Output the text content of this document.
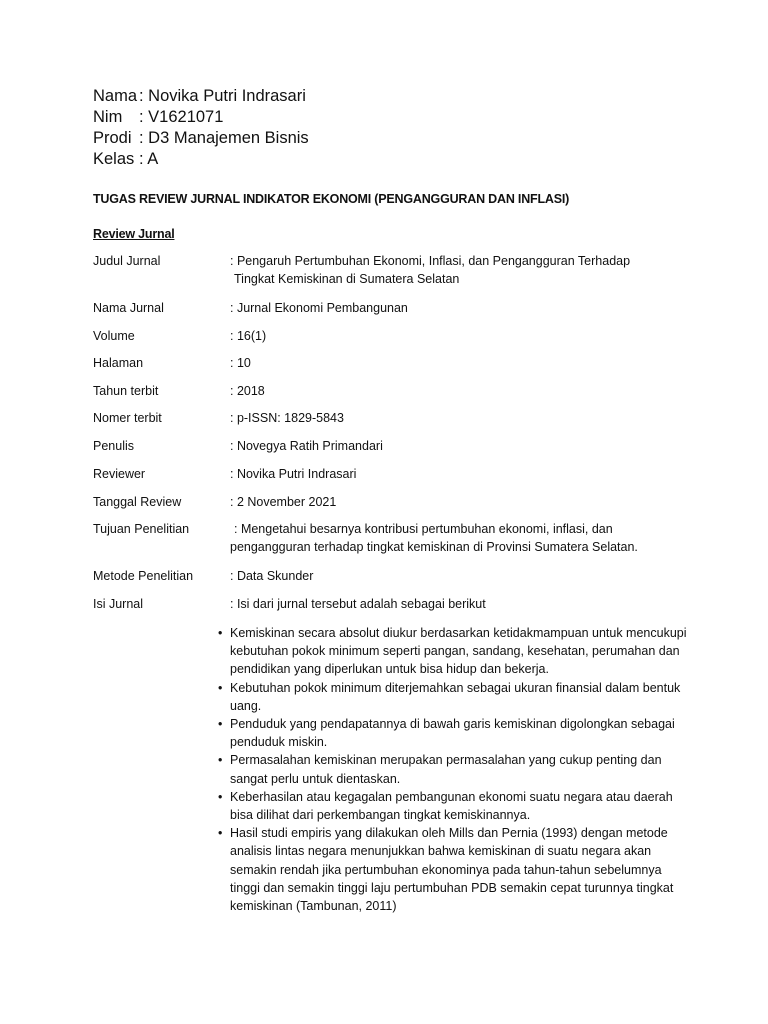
Nama : Novika Putri Indrasari
Nim	: V1621071
Prodi	: D3 Manajemen Bisnis
Kelas : A
TUGAS REVIEW JURNAL INDIKATOR EKONOMI (PENGANGGURAN DAN INFLASI)
Review Jurnal
Judul Jurnal	: Pengaruh Pertumbuhan Ekonomi, Inflasi, dan Pengangguran Terhadap
Tingkat Kemiskinan di Sumatera Selatan
Nama Jurnal	: Jurnal Ekonomi Pembangunan
Volume	: 16(1)
Halaman	: 10
Tahun terbit	: 2018
Nomer terbit	: p-ISSN: 1829-5843
Penulis	: Novegya Ratih Primandari
Reviewer	: Novika Putri Indrasari
Tanggal Review	: 2 November 2021
Tujuan Penelitian	: Mengetahui besarnya kontribusi pertumbuhan ekonomi, inflasi, dan
pengangguran terhadap tingkat kemiskinan di Provinsi Sumatera Selatan.
Metode Penelitian	: Data Skunder
Isi Jurnal	: Isi dari jurnal tersebut adalah sebagai berikut
• Kemiskinan secara absolut diukur berdasarkan ketidakmampuan untuk mencukupi kebutuhan pokok minimum seperti pangan, sandang, kesehatan, perumahan dan pendidikan yang diperlukan untuk bisa hidup dan bekerja.
• Kebutuhan pokok minimum diterjemahkan sebagai ukuran finansial dalam bentuk uang.
• Penduduk yang pendapatannya di bawah garis kemiskinan digolongkan sebagai penduduk miskin.
• Permasalahan kemiskinan merupakan permasalahan yang cukup penting dan sangat perlu untuk dientaskan.
• Keberhasilan atau kegagalan pembangunan ekonomi suatu negara atau daerah bisa dilihat dari perkembangan tingkat kemiskinannya.
• Hasil studi empiris yang dilakukan oleh Mills dan Pernia (1993) dengan metode analisis lintas negara menunjukkan bahwa kemiskinan di suatu negara akan semakin rendah jika pertumbuhan ekonominya pada tahun-tahun sebelumnya tinggi dan semakin tinggi laju pertumbuhan PDB semakin cepat turunnya tingkat kemiskinan (Tambunan, 2011)
